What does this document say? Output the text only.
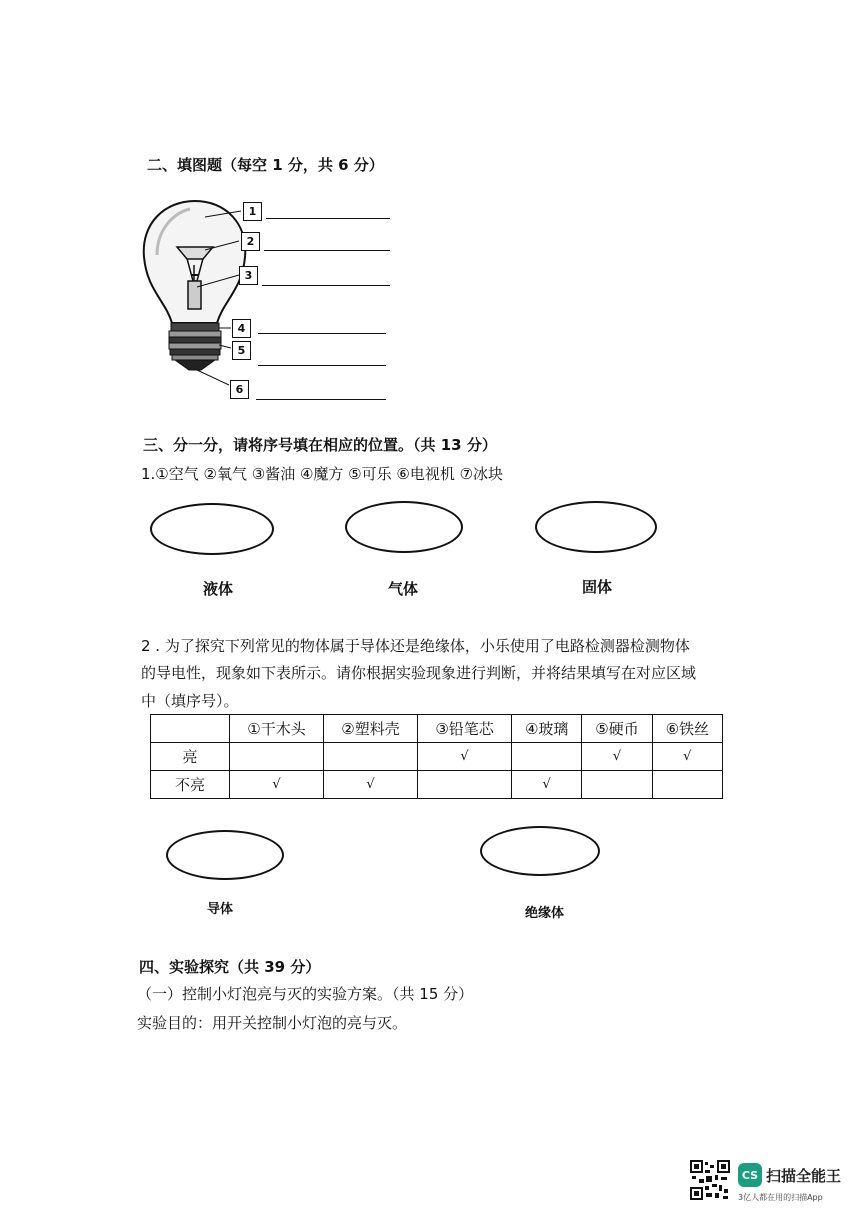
二、填图题（每空 1 分，共 6 分）
1
2
3
4
5
6
三、分一分，请将序号填在相应的位置。（共 13 分）
1.①空气 ②氧气 ③酱油 ④魔方 ⑤可乐 ⑥电视机 ⑦冰块
液体	气体	固体
2 . 为了探究下列常见的物体属于导体还是绝缘体，小乐使用了电路检测器检测物体
的导电性，现象如下表所示。请你根据实验现象进行判断，并将结果填写在对应区域
中（填序号）。
	①干木头	②塑料壳	③铅笔芯	④玻璃	⑤硬币	⑥铁丝
亮			√		√	√
不亮	√	√		√		
导体	绝缘体
四、实验探究（共 39 分）
（一）控制小灯泡亮与灭的实验方案。（共 15 分）
实验目的：用开关控制小灯泡的亮与灭。
CS 扫描全能王
3亿人都在用的扫描App
